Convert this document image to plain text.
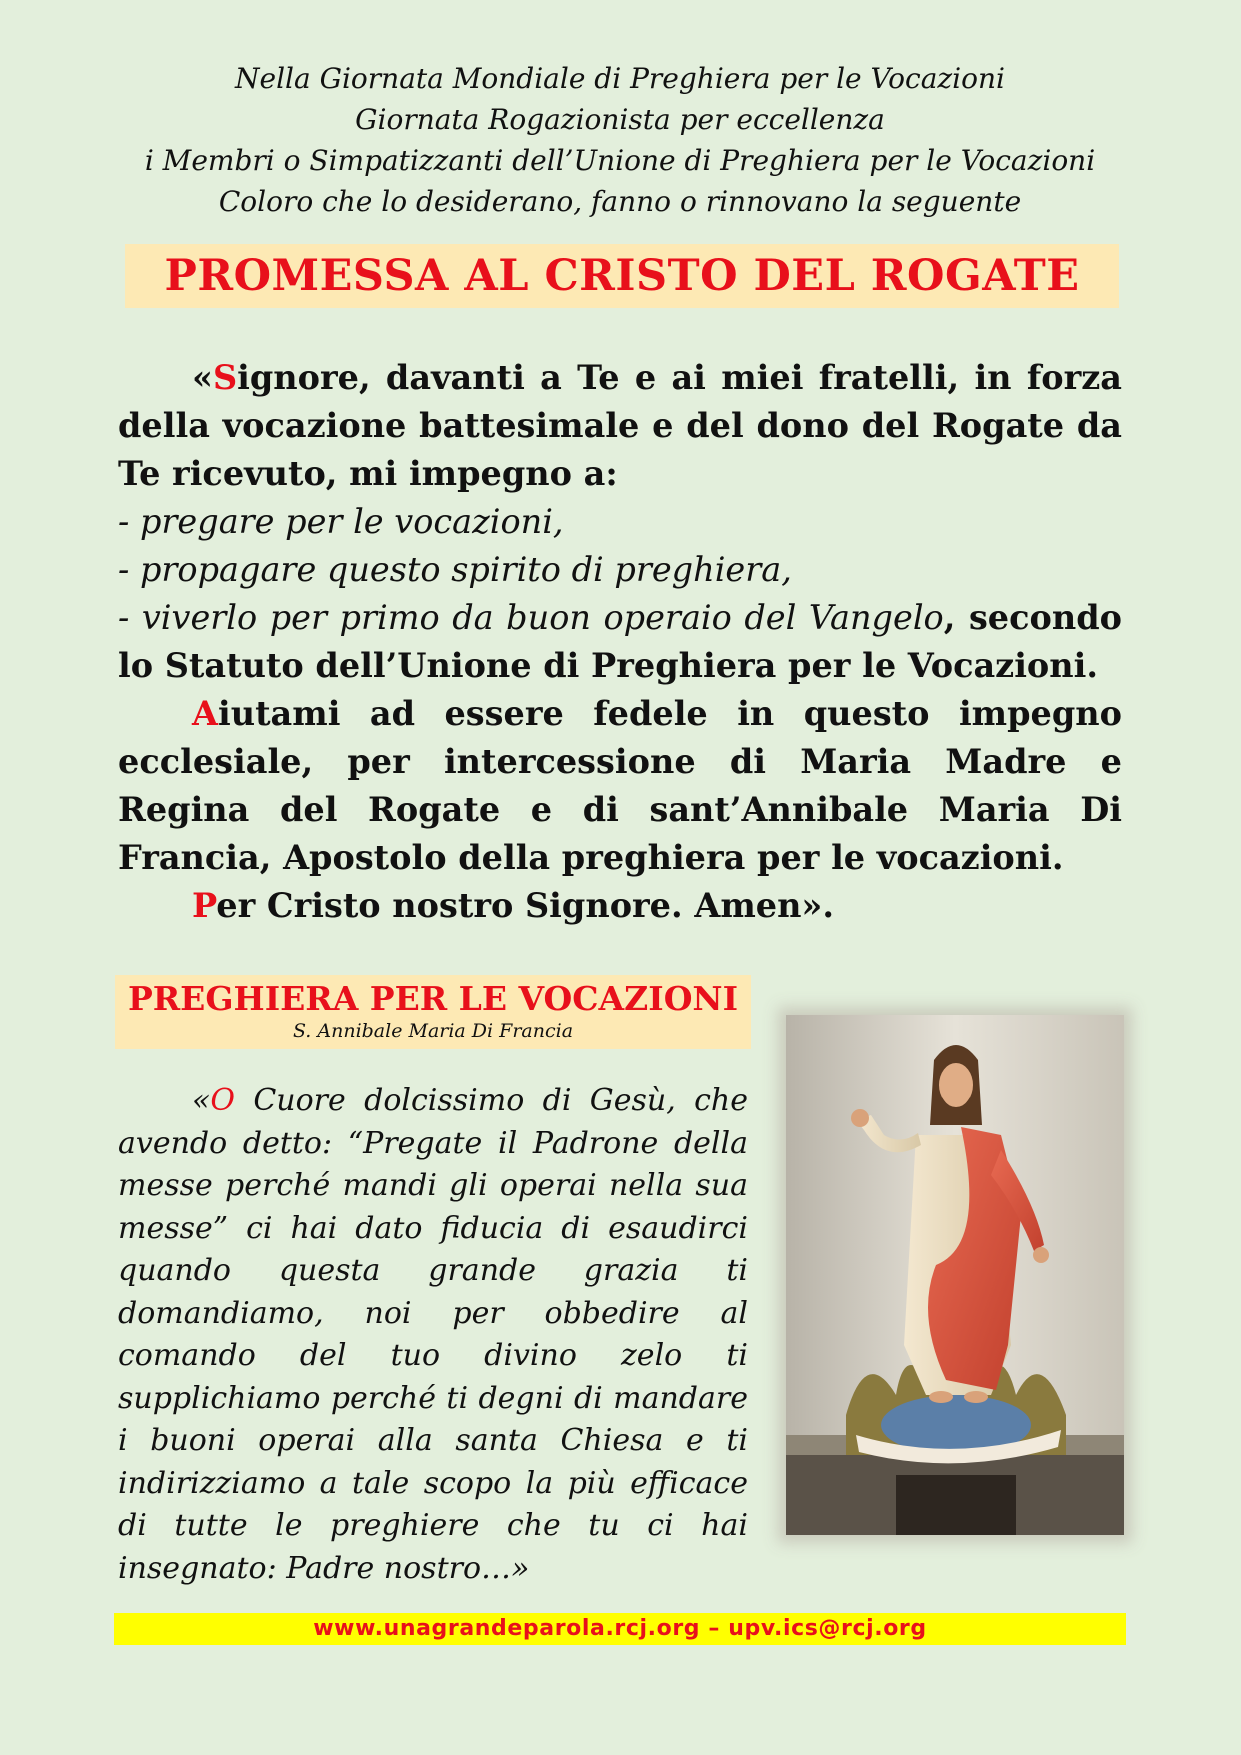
Nella Giornata Mondiale di Preghiera per le Vocazioni
Giornata Rogazionista per eccellenza
i Membri o Simpatizzanti dell’Unione di Preghiera per le Vocazioni
Coloro che lo desiderano, fanno o rinnovano la seguente
PROMESSA AL CRISTO DEL ROGATE

«Signore, davanti a Te e ai miei fratelli, in forza della vocazione battesimale e del dono del Rogate da Te ricevuto, mi impegno a:

- pregare per le vocazioni,

- propagare questo spirito di preghiera,

- viverlo per primo da buon operaio del Vangelo, secondo lo Statuto dell’Unione di Preghiera per le Vocazioni.

Aiutami ad essere fedele in questo impegno ecclesiale, per intercessione di Maria Madre e Regina del Rogate e di sant’Annibale Maria Di Francia, Apostolo della preghiera per le vocazioni.

Per Cristo nostro Signore. Amen».

PREGHIERA PER LE VOCAZIONI
S. Annibale Maria Di Francia

«O Cuore dolcissimo di Gesù, che avendo detto: “Pregate il Padrone della messe perché mandi gli operai nella sua messe” ci hai dato fiducia di esaudirci quando questa grande grazia ti domandiamo, noi per obbedire al comando del tuo divino zelo ti supplichiamo perché ti degni di mandare i buoni operai alla santa Chiesa e ti indirizziamo a tale scopo la più efficace di tutte le preghiere che tu ci hai insegnato: Padre nostro…»

www.unagrandeparola.rcj.org – upv.ics@rcj.org
